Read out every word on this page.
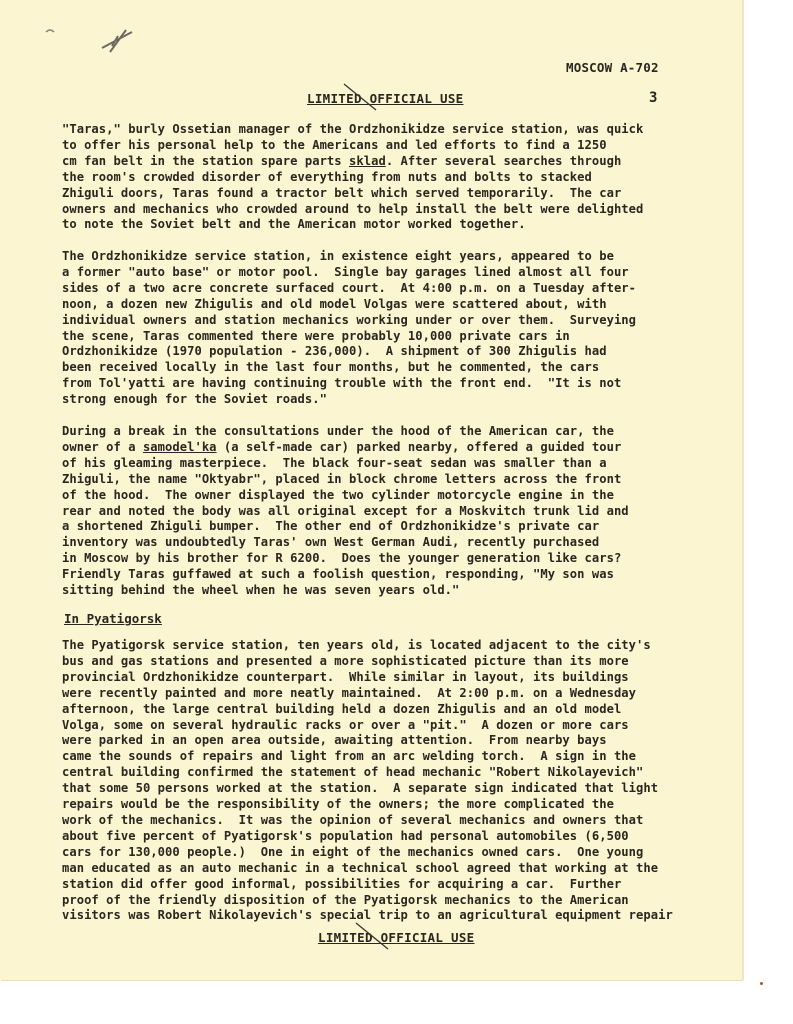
MOSCOW A-702
LIMITED OFFICIAL USE	3
"Taras," burly Ossetian manager of the Ordzhonikidze service station, was quick
to offer his personal help to the Americans and led efforts to find a 1250
cm fan belt in the station spare parts sklad. After several searches through
the room's crowded disorder of everything from nuts and bolts to stacked
Zhiguli doors, Taras found a tractor belt which served temporarily.  The car
owners and mechanics who crowded around to help install the belt were delighted
to note the Soviet belt and the American motor worked together.
The Ordzhonikidze service station, in existence eight years, appeared to be
a former "auto base" or motor pool.  Single bay garages lined almost all four
sides of a two acre concrete surfaced court.  At 4:00 p.m. on a Tuesday after-
noon, a dozen new Zhigulis and old model Volgas were scattered about, with
individual owners and station mechanics working under or over them.  Surveying
the scene, Taras commented there were probably 10,000 private cars in
Ordzhonikidze (1970 population - 236,000).  A shipment of 300 Zhigulis had
been received locally in the last four months, but he commented, the cars
from Tol'yatti are having continuing trouble with the front end.  "It is not
strong enough for the Soviet roads."
During a break in the consultations under the hood of the American car, the
owner of a samodel'ka (a self-made car) parked nearby, offered a guided tour
of his gleaming masterpiece.  The black four-seat sedan was smaller than a
Zhiguli, the name "Oktyabr", placed in block chrome letters across the front
of the hood.  The owner displayed the two cylinder motorcycle engine in the
rear and noted the body was all original except for a Moskvitch trunk lid and
a shortened Zhiguli bumper.  The other end of Ordzhonikidze's private car
inventory was undoubtedly Taras' own West German Audi, recently purchased
in Moscow by his brother for R 6200.  Does the younger generation like cars?
Friendly Taras guffawed at such a foolish question, responding, "My son was
sitting behind the wheel when he was seven years old."
In Pyatigorsk
The Pyatigorsk service station, ten years old, is located adjacent to the city's
bus and gas stations and presented a more sophisticated picture than its more
provincial Ordzhonikidze counterpart.  While similar in layout, its buildings
were recently painted and more neatly maintained.  At 2:00 p.m. on a Wednesday
afternoon, the large central building held a dozen Zhigulis and an old model
Volga, some on several hydraulic racks or over a "pit."  A dozen or more cars
were parked in an open area outside, awaiting attention.  From nearby bays
came the sounds of repairs and light from an arc welding torch.  A sign in the
central building confirmed the statement of head mechanic "Robert Nikolayevich"
that some 50 persons worked at the station.  A separate sign indicated that light
repairs would be the responsibility of the owners; the more complicated the
work of the mechanics.  It was the opinion of several mechanics and owners that
about five percent of Pyatigorsk's population had personal automobiles (6,500
cars for 130,000 people.)  One in eight of the mechanics owned cars.  One young
man educated as an auto mechanic in a technical school agreed that working at the
station did offer good informal, possibilities for acquiring a car.  Further
proof of the friendly disposition of the Pyatigorsk mechanics to the American
visitors was Robert Nikolayevich's special trip to an agricultural equipment repair
LIMITED OFFICIAL USE
